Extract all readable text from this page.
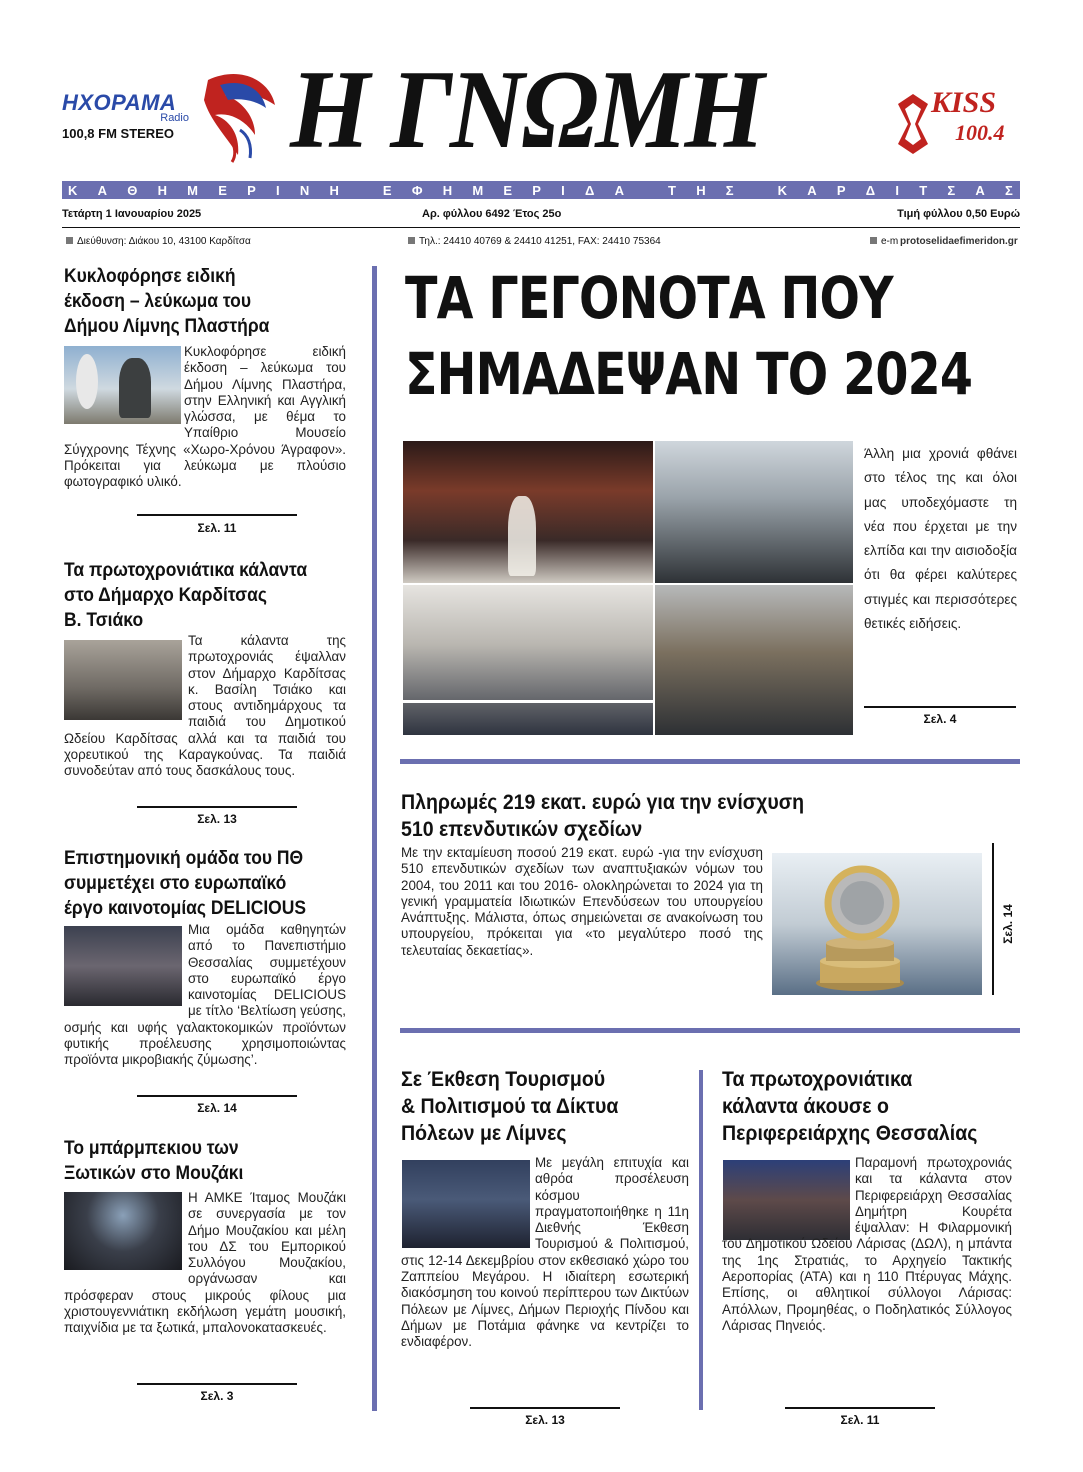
ΗΧΟΡΑΜΑ
Radio
100,8 FM STEREO Η ΓΝΩΜΗ	KISS
100.4
Κ Α Θ Η Μ Ε Ρ Ι Ν Η
	Ε Φ Η Μ Ε Ρ Ι Δ Α
	Τ Η Σ
	Κ Α Ρ Δ Ι Τ Σ Α Σ
Τετάρτη 1 Ιανουαρίου 2025	Αρ. φύλλου 6492 Έτος 25ο	Τιμή φύλλου 0,50 Ευρώ
Διεύθυνση: Διάκου 10, 43100 Καρδίτσα	Τηλ.: 24410 40769 & 24410 41251, FAX: 24410 75364	e-m protoselidaefimeridon.gr
Κυκλοφόρησε ειδική
έκδοση – λεύκωμα του
Δήμου Λίμνης Πλαστήρα
Κυκλοφόρησε ειδική έκδοση – λεύκωμα του Δήμου Λίμνης Πλαστήρα, στην Ελληνική και Αγγλική γλώσσα, με θέμα το Υπαίθριο Μουσείο Σύγχρονης Τέχνης «Χωρο-Χρόνου Άγραφον». Πρόκειται για λεύκωμα με πλούσιο φωτογραφικό υλικό.
Σελ. 11
Τα πρωτοχρονιάτικα κάλαντα
στο Δήμαρχο Καρδίτσας
Β. Τσιάκο
Τα κάλαντα της πρωτοχρονιάς έψαλλαν στον Δήμαρχο Καρδίτσας κ. Βασίλη Τσιάκο και στους αντιδημάρχους τα παιδιά του Δημοτικού Ωδείου Καρδίτσας αλλά και τα παιδιά του χορευτικού της Καραγκούνας. Τα παιδιά συνοδεύτaν από τους δασκάλους τους.
Σελ. 13
Επιστημονική ομάδα του ΠΘ
συμμετέχει στο ευρωπαϊκό
έργο καινοτομίας DELICIOUS
Μια ομάδα καθηγητών από το Πανεπιστήμιο Θεσσαλίας συμμετέχουν στο ευρωπαϊκό έργο καινοτομίας DELICIOUS με τίτλο ‘Βελτίωση γεύσης, οσμής και υφής γαλακτοκομικών προϊόντων φυτικής προέλευσης χρησιμοποιώντας προϊόντα μικροβιακής ζύμωσης’.
Σελ. 14
Το μπάρμπεκιου των
Ξωτικών στο Μουζάκι
Η ΑΜΚΕ Ίταμος Μουζάκι σε συνεργασία με τον Δήμο Μουζακίου και μέλη του ΔΣ του Εμπορικού Συλλόγου Μουζακίου, οργάνωσαν και πρόσφεραν στους μικρούς φίλους μια χριστουγεννιάτικη εκδήλωση γεμάτη μουσική, παιχνίδια με τα ξωτικά, μπαλονοκατασκευές.
Σελ. 3
ΤΑ ΓΕΓΟΝΟΤΑ ΠΟΥ
ΣΗΜΑΔΕΨΑΝ ΤΟ 2024
Άλλη μια χρονιά φθάνει στο τέλος της και όλοι μας υποδεχόμαστε τη νέα που έρχεται με την ελπίδα και την αισιοδοξία ότι θα φέρει καλύτερες στιγμές και περισσότερες θετικές ειδήσεις.
Σελ. 4
Πληρωμές 219 εκατ. ευρώ για την ενίσχυση
510 επενδυτικών σχεδίων
Με την εκταμίευση ποσού 219 εκατ. ευρώ -για την ενίσχυση 510 επενδυτικών σχεδίων των αναπτυξιακών νόμων του 2004, του 2011 και του 2016- ολοκληρώνεται το 2024 για τη γενική γραμματεία Ιδιωτικών Επενδύσεων του υπουργείου Ανάπτυξης. Μάλιστα, όπως σημειώνεται σε ανακοίνωση του υπουργείου, πρόκειται για «το μεγαλύτερο ποσό της τελευταίας δεκαετίας».
Σελ. 14
Σε Έκθεση Τουρισμού
& Πολιτισμού τα Δίκτυα
Πόλεων με Λίμνες
Με μεγάλη επιτυχία και αθρόα προσέλευση κόσμου πραγματοποιήθηκε η 11η Διεθνής Έκθεση Τουρισμού & Πολιτισμού, στις 12-14 Δεκεμβρίου στον εκθεσιακό χώρο του Ζαππείου Μεγάρου. Η ιδιαίτερη εσωτερική διακόσμηση του κοινού περίπτερου των Δικτύων Πόλεων με Λίμνες, Δήμων Περιοχής Πίνδου και Δήμων με Ποτάμια φάνηκε να κεντρίζει το ενδιαφέρον.
Σελ. 13
Τα πρωτοχρονιάτικα
κάλαντα άκουσε ο
Περιφερειάρχης Θεσσαλίας
Παραμονή πρωτοχρονιάς και τα κάλαντα στον Περιφερειάρχη Θεσσαλίας Δημήτρη Κουρέτα έψαλλαν: Η Φιλαρμονική του Δημοτικού Ωδείου Λάρισας (ΔΩΛ), η μπάντα της 1ης Στρατιάς, το Αρχηγείο Τακτικής Αεροπορίας (ΑΤΑ) και η 110 Πτέρυγας Μάχης. Επίσης, οι αθλητικοί σύλλογοι Λάρισας: Απόλλων, Προμηθέας, ο Ποδηλατικός Σύλλογος Λάρισας Πηνειός.
Σελ. 11
